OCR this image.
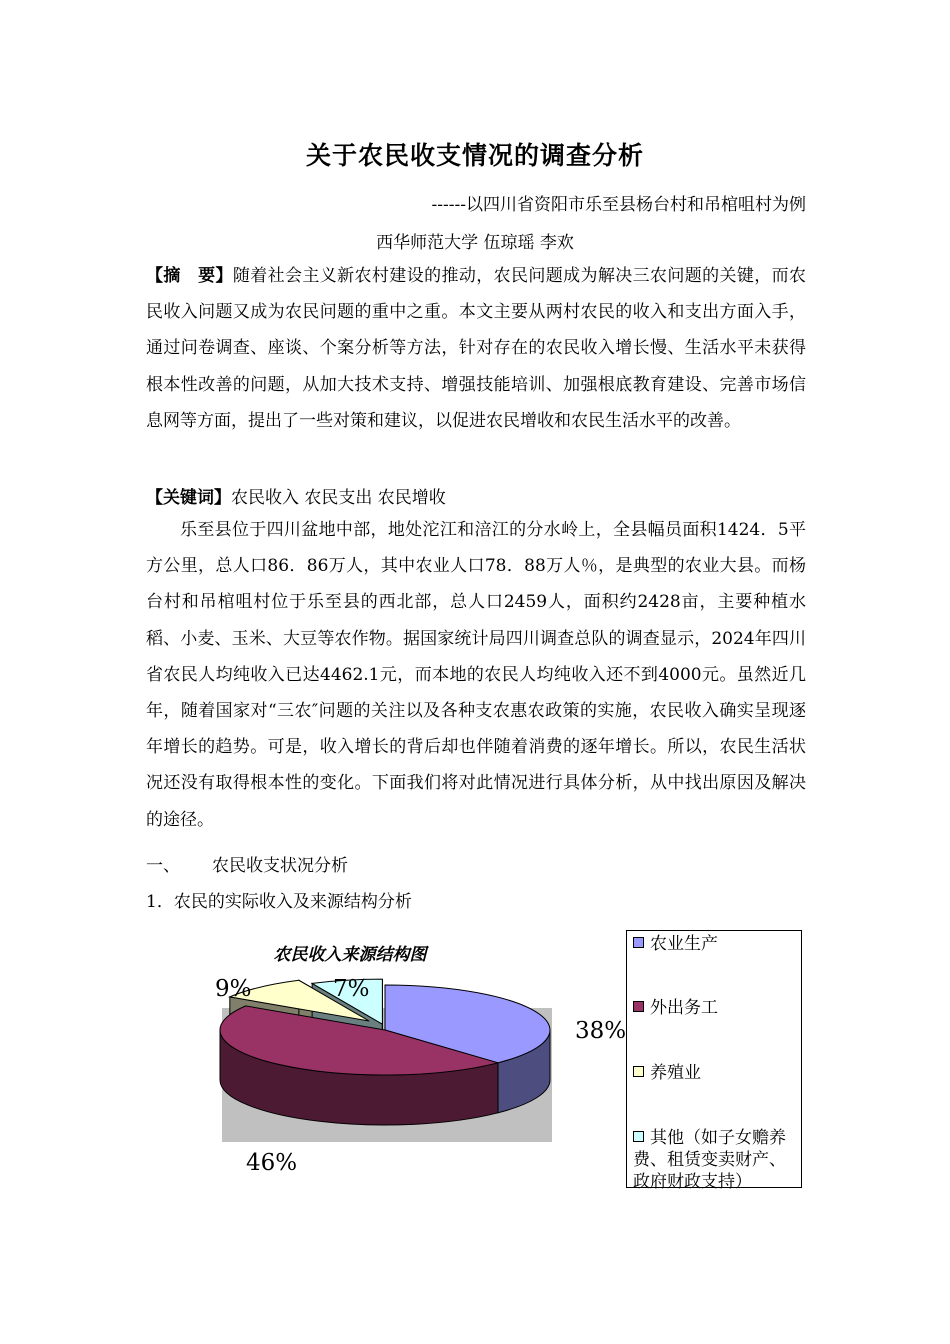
关于农民收支情况的调查分析
------以四川省资阳市乐至县杨台村和吊棺咀村为例
西华师范大学 伍琼瑶 李欢
【摘　要】随着社会主义新农村建设的推动，农民问题成为解决三农问题的关键，而农民收入问题又成为农民问题的重中之重。本文主要从两村农民的收入和支出方面入手，通过问卷调查、座谈、个案分析等方法，针对存在的农民收入增长慢、生活水平未获得根本性改善的问题，从加大技术支持、增强技能培训、加强根底教育建设、完善市场信息网等方面，提出了一些对策和建议，以促进农民增收和农民生活水平的改善。
【关键词】农民收入 农民支出 农民增收
乐至县位于四川盆地中部，地处沱江和涪江的分水岭上，全县幅员面积1424．5平方公里，总人口86．86万人，其中农业人口78．88万人％，是典型的农业大县。而杨台村和吊棺咀村位于乐至县的西北部，总人口2459人，面积约2428亩，主要种植水稻、小麦、玉米、大豆等农作物。据国家统计局四川调查总队的调查显示，2024年四川省农民人均纯收入已达4462.1元，而本地的农民人均纯收入还不到4000元。虽然近几年，随着国家对“三农″问题的关注以及各种支农惠农政策的实施，农民收入确实呈现逐年增长的趋势。可是，收入增长的背后却也伴随着消费的逐年增长。所以，农民生活状况还没有取得根本性的变化。下面我们将对此情况进行具体分析，从中找出原因及解决的途径。
一、 农民收支状况分析
1．农民的实际收入及来源结构分析
农民收入来源结构图
38%
46%
9%	7%
农业生产
外出务工
养殖业
其他（如子女赡养费、租赁变卖财产、政府财政支持）
